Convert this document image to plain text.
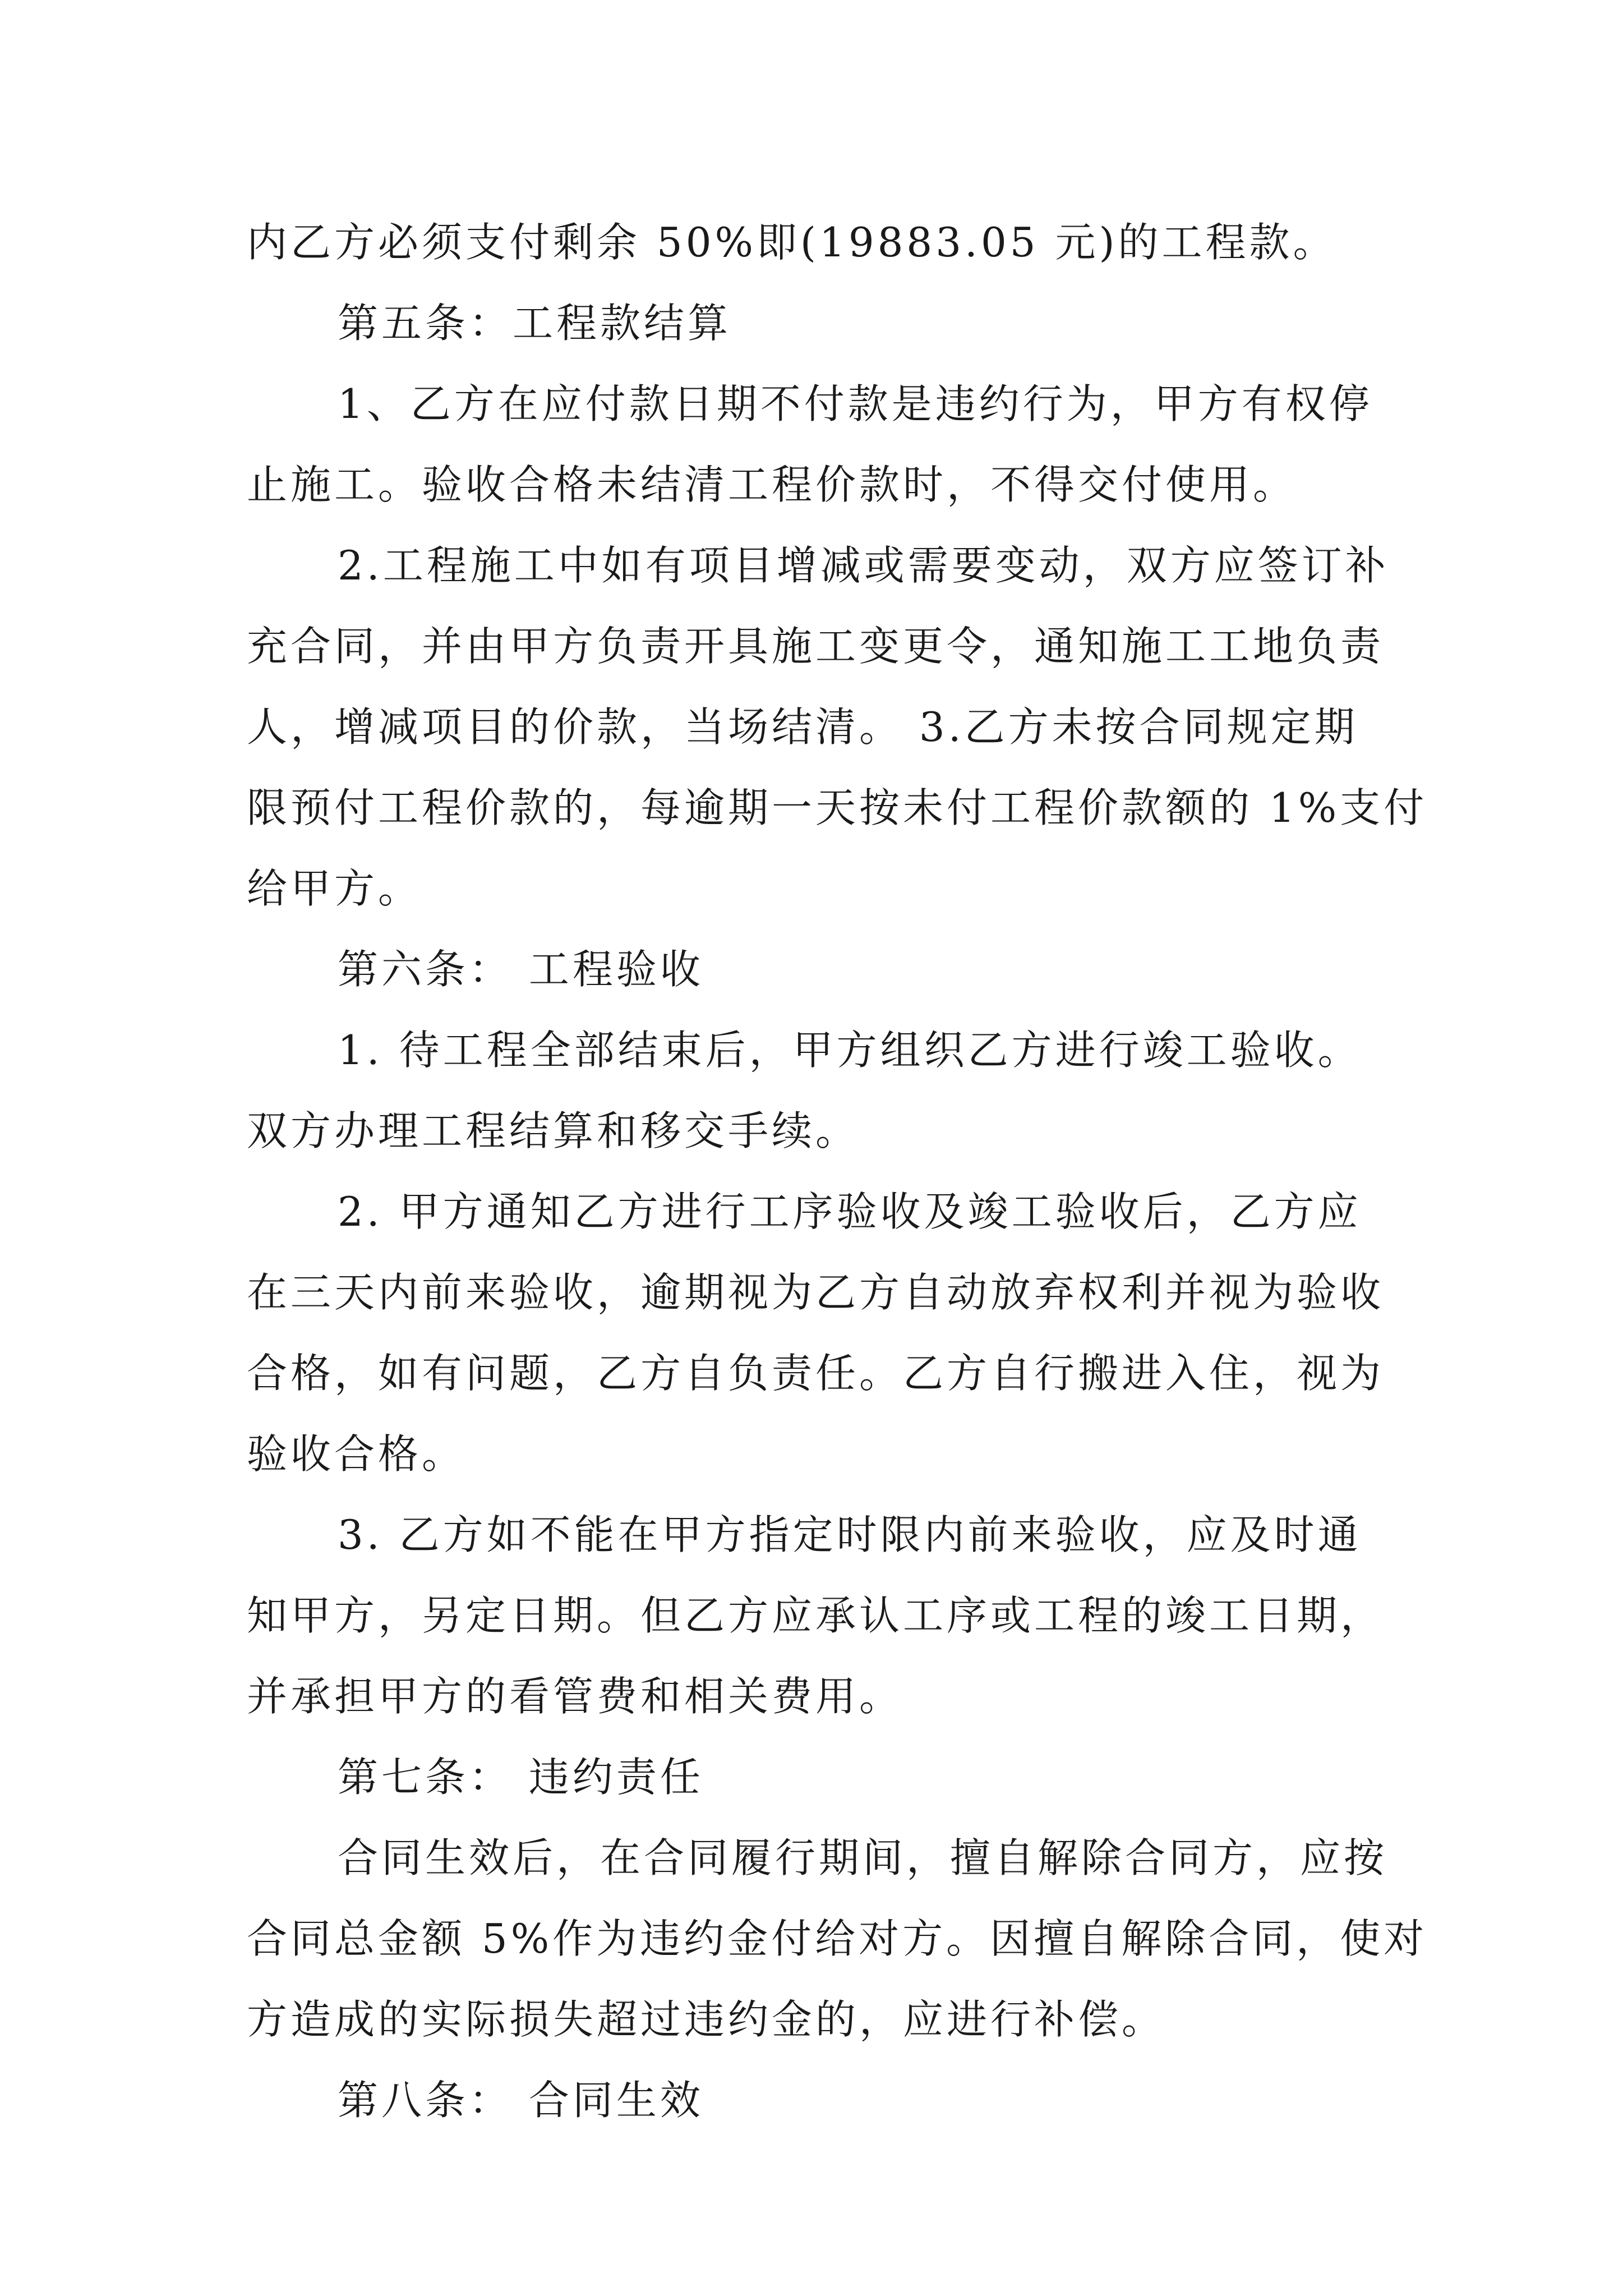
内乙方必须支付剩余 50%即(19883.05 元)的工程款。

第五条：工程款结算

1、乙方在应付款日期不付款是违约行为，甲方有权停

止施工。验收合格未结清工程价款时，不得交付使用。

2.工程施工中如有项目增减或需要变动，双方应签订补

充合同，并由甲方负责开具施工变更令，通知施工工地负责

人，增减项目的价款，当场结清。 3.乙方未按合同规定期

限预付工程价款的，每逾期一天按未付工程价款额的 1%支付

给甲方。

第六条： 工程验收

1. 待工程全部结束后，甲方组织乙方进行竣工验收。

双方办理工程结算和移交手续。

2. 甲方通知乙方进行工序验收及竣工验收后，乙方应

在三天内前来验收，逾期视为乙方自动放弃权利并视为验收

合格，如有问题，乙方自负责任。乙方自行搬进入住，视为

验收合格。

3. 乙方如不能在甲方指定时限内前来验收，应及时通

知甲方，另定日期。但乙方应承认工序或工程的竣工日期，

并承担甲方的看管费和相关费用。

第七条： 违约责任

合同生效后，在合同履行期间，擅自解除合同方，应按

合同总金额 5%作为违约金付给对方。因擅自解除合同，使对

方造成的实际损失超过违约金的，应进行补偿。

第八条： 合同生效
